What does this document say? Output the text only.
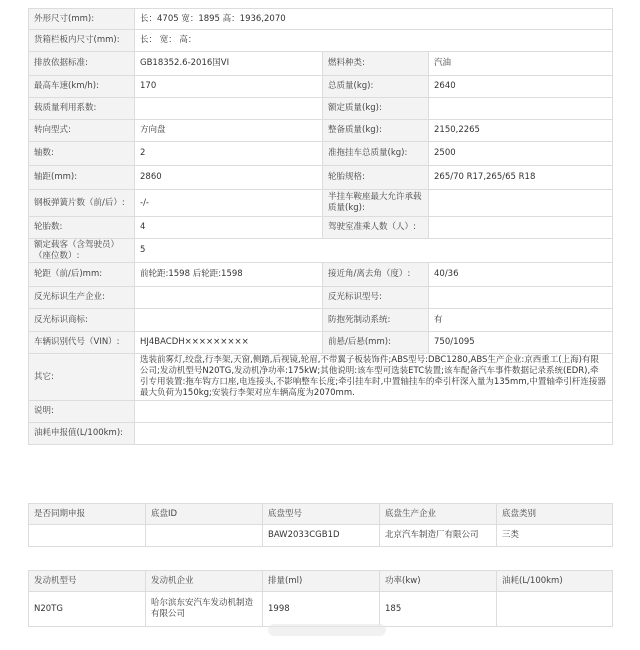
外形尺寸(mm):	长：4705 宽：1895 高：1936,2070		
货箱栏板内尺寸(mm):	长： 宽： 高：		
排放依据标准:	GB18352.6-2016国VI	燃料种类:	汽油
最高车速(km/h):	170	总质量(kg):	2640
载质量利用系数:		额定质量(kg):	
转向型式:	方向盘	整备质量(kg):	2150,2265
轴数:	2	准拖挂车总质量(kg):	2500
轴距(mm):	2860	轮胎规格:	265/70 R17,265/65 R18
钢板弹簧片数（前/后）:	-/-	半挂车鞍座最大允许承载质量(kg):	
轮胎数:	4	驾驶室准乘人数（人）:	
额定载客（含驾驶员）（座位数）:	5		
轮距（前/后)mm:	前轮距:1598 后轮距:1598	接近角/离去角（度）:	40/36
反光标识生产企业:		反光标识型号:	
反光标识商标:		防抱死制动系统:	有
车辆识别代号（VIN）:	HJ4BACDH×××××××××	前悬/后悬(mm):	750/1095
其它:	选装前雾灯,绞盘,行李架,天窗,侧踏,后视镜,轮眉,不带翼子板装饰件;ABS型号:DBC1280,ABS生产企业:京西重工(上海)有限公司;发动机型号N20TG,发动机净功率:175kW;其他说明:该车型可选装ETC装置;该车配备汽车事件数据记录系统(EDR),牵引专用装置:拖车钩方口座,电连接头,不影响整车长度;牵引挂车时,中置轴挂车的牵引杆深入量为135mm,中置轴牵引杆连接器最大负荷为150kg;安装行李架对应车辆高度为2070mm.		
说明:			
油耗申报值(L/100km):			
是否同期申报	底盘ID	底盘型号	底盘生产企业	底盘类别
		BAW2033CGB1D	北京汽车制造厂有限公司	三类
发动机型号	发动机企业	排量(ml)	功率(kw)	油耗(L/100km)
N20TG	哈尔滨东安汽车发动机制造有限公司	1998	185	
